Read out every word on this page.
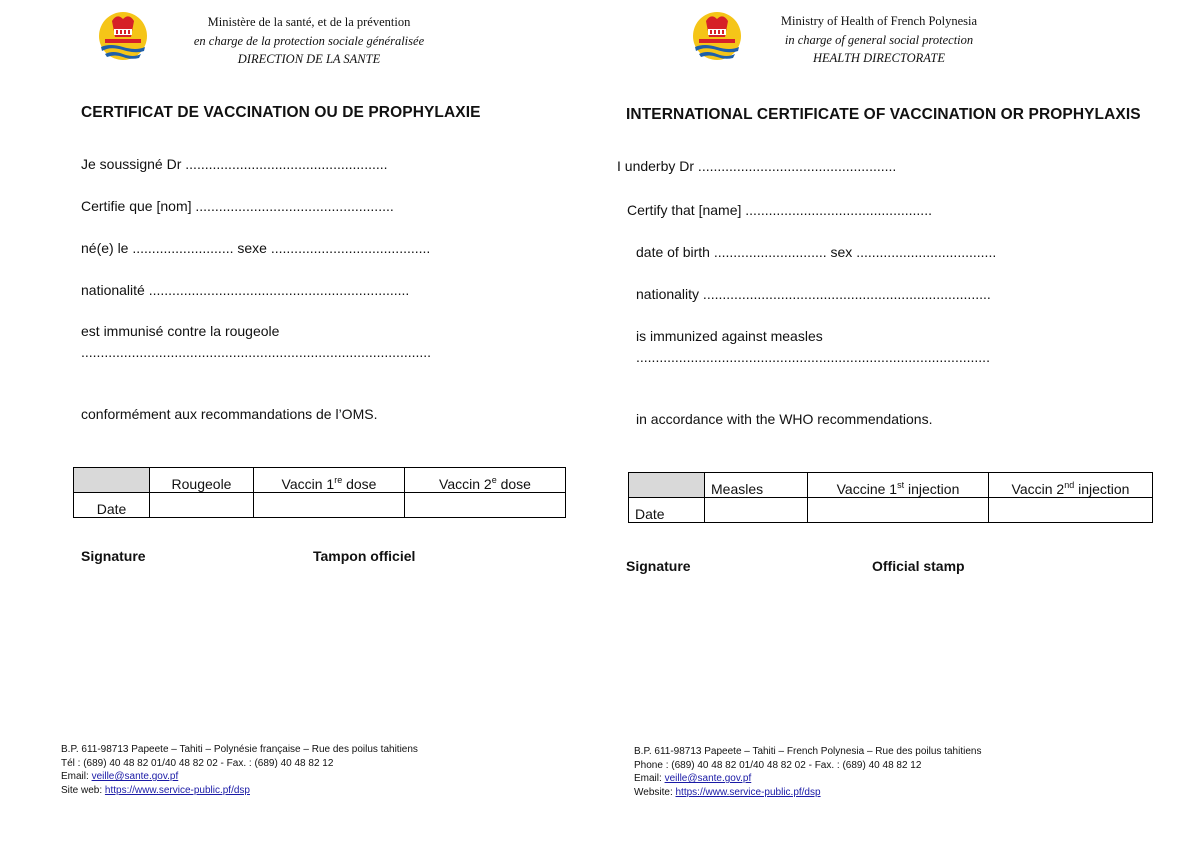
Ministère de la santé, et de la prévention
en charge de la protection sociale généralisée
DIRECTION DE LA SANTE
CERTIFICAT DE VACCINATION OU DE PROPHYLAXIE
Je soussigné Dr ....................................................
Certifie que [nom] ...................................................
né(e) le .......................... sexe .........................................
nationalité ...................................................................
est immunisé contre la rougeole
..........................................................................................
conformément aux recommandations de l’OMS.
	Rougeole	Vaccin 1re dose	Vaccin 2e dose
Date			
Signature	Tampon officiel
B.P. 611-98713 Papeete – Tahiti – Polynésie française – Rue des poilus tahitiens
Tél : (689) 40 48 82 01/40 48 82 02 - Fax. : (689) 40 48 82 12
Email: veille@sante.gov.pf
Site web: https://www.service-public.pf/dsp
Ministry of Health of French Polynesia
in charge of general social protection
HEALTH DIRECTORATE
INTERNATIONAL CERTIFICATE OF VACCINATION OR PROPHYLAXIS
I underby Dr ...................................................
Certify that [name] ................................................
date of birth ............................. sex ....................................
nationality ..........................................................................
is immunized against measles
...........................................................................................
in accordance with the WHO recommendations.
	Measles	Vaccine 1st injection	Vaccin 2nd injection
Date			
Signature	Official stamp
B.P. 611-98713 Papeete – Tahiti – French Polynesia – Rue des poilus tahitiens
Phone : (689) 40 48 82 01/40 48 82 02 - Fax. : (689) 40 48 82 12
Email: veille@sante.gov.pf
Website: https://www.service-public.pf/dsp
